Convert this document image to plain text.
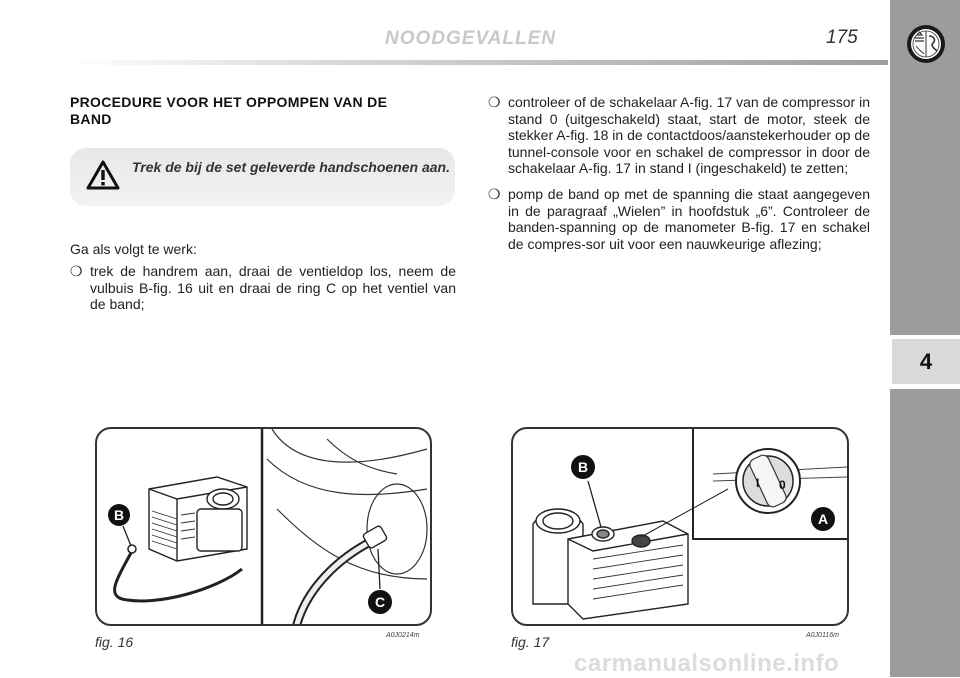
NOODGEVALLEN	175
4
PROCEDURE VOOR HET OPPOMPEN VAN DE BAND
Trek de bij de set geleverde handschoenen aan.
Ga als volgt te werk:
❍ trek de handrem aan, draai de ventieldop los, neem de vulbuis B-fig. 16 uit en draai de ring C op het ventiel van de band;
❍ controleer of de schakelaar A-fig. 17 van de compressor in stand 0 (uitgeschakeld) staat, start de motor, steek de stekker A-fig. 18 in de contactdoos/aanstekerhouder op de tunnel-console voor en schakel de compressor in door de schakelaar A-fig. 17 in stand I (ingeschakeld) te zetten;
❍ pomp de band op met de spanning die staat aangegeven in de paragraaf „Wielen” in hoofdstuk „6”. Controleer de banden-spanning op de manometer B-fig. 17 en schakel de compres-sor uit voor een nauwkeurige aflezing;
B
C
fig. 16	A0J0214m
B
I 0
A
fig. 17	A0J0116m
carmanualsonline.info
